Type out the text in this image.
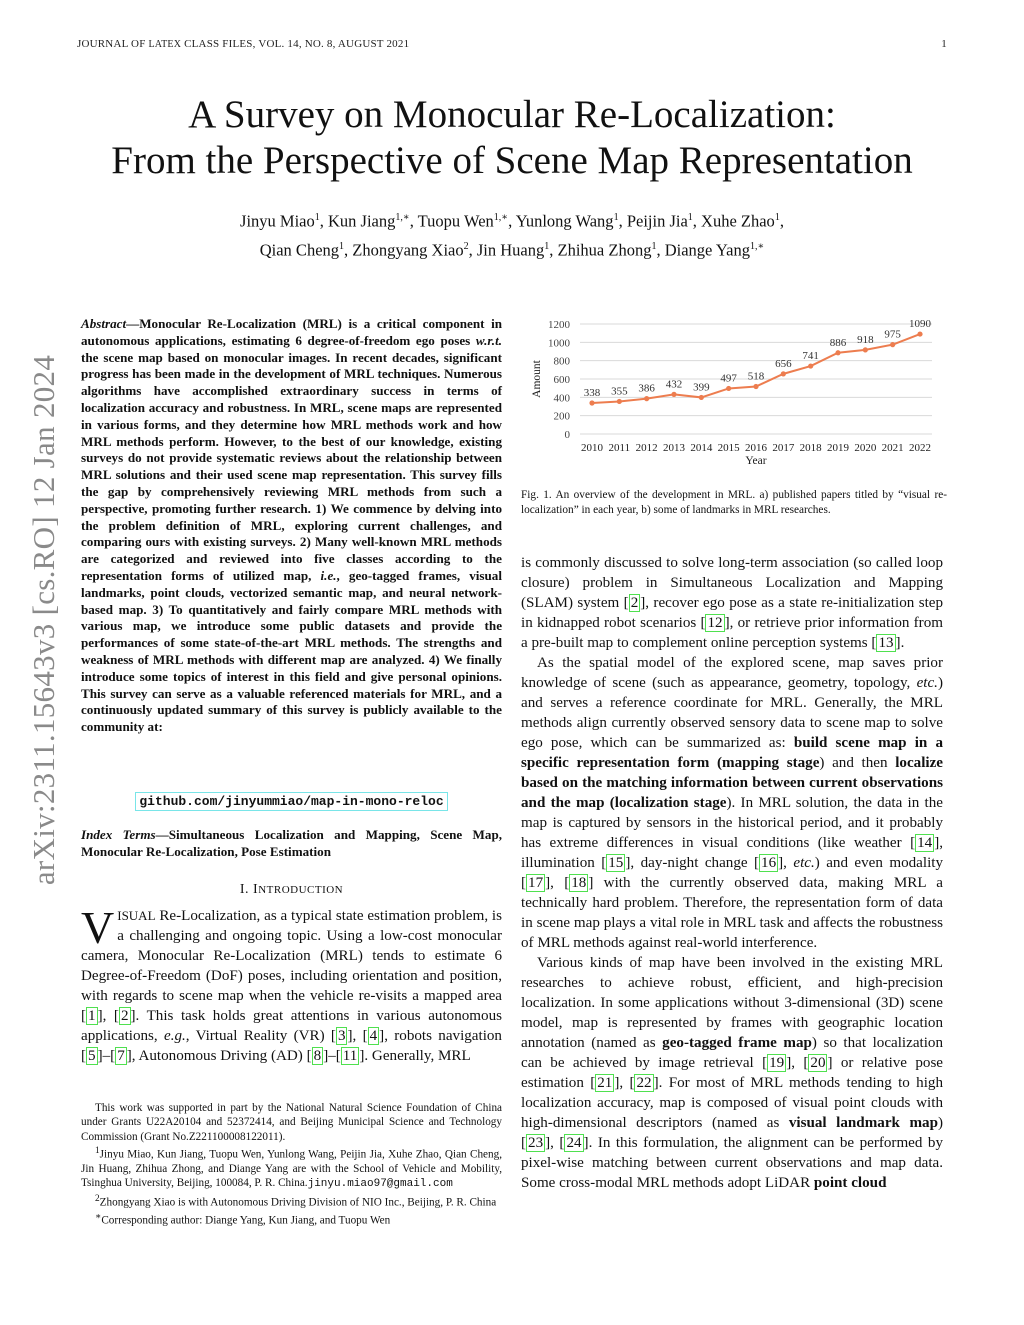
JOURNAL OF LATEX CLASS FILES, VOL. 14, NO. 8, AUGUST 2021	1
A Survey on Monocular Re-Localization:
From the Perspective of Scene Map Representation
Jinyu Miao$^1$, Kun Jiang$^{1,∗}$, Tuopu Wen$^{1,∗}$, Yunlong Wang$^1$, Peijin Jia$^1$, Xuhe Zhao$^1$,
Qian Cheng$^1$, Zhongyang Xiao$^2$, Jin Huang$^1$, Zhihua Zhong$^1$, Diange Yang$^{1,∗}$
arXiv:2311.15643v3 [cs.RO] 12 Jan 2024
Abstract—Monocular Re-Localization (MRL) is a critical component in autonomous applications, estimating 6 degree-of-freedom ego poses w.r.t. the scene map based on monocular images. In recent decades, significant progress has been made in the development of MRL techniques. Numerous algorithms have accomplished extraordinary success in terms of localization accuracy and robustness. In MRL, scene maps are represented in various forms, and they determine how MRL methods work and how MRL methods perform. However, to the best of our knowledge, existing surveys do not provide systematic reviews about the relationship between MRL solutions and their used scene map representation. This survey fills the gap by comprehensively reviewing MRL methods from such a perspective, promoting further research. 1) We commence by delving into the problem definition of MRL, exploring current challenges, and comparing ours with existing surveys. 2) Many well-known MRL methods are categorized and reviewed into five classes according to the representation forms of utilized map, i.e., geo-tagged frames, visual landmarks, point clouds, vectorized semantic map, and neural network-based map. 3) To quantitatively and fairly compare MRL methods with various map, we introduce some public datasets and provide the performances of some state-of-the-art MRL methods. The strengths and weakness of MRL methods with different map are analyzed. 4) We finally introduce some topics of interest in this field and give personal opinions. This survey can serve as a valuable referenced materials for MRL, and a continuously updated summary of this survey is publicly available to the community at:
github.com/jinyummiao/map-in-mono-reloc
Index Terms—Simultaneous Localization and Mapping, Scene Map, Monocular Re-Localization, Pose Estimation
I. INTRODUCTION
VISUAL Re-Localization, as a typical state estimation problem, is a challenging and ongoing topic. Using a low-cost monocular camera, Monocular Re-Localization (MRL) tends to estimate 6 Degree-of-Freedom (DoF) poses, including orientation and position, with regards to scene map when the vehicle re-visits a mapped area [ 1 ], [ 2 ]. This task holds great attentions in various autonomous applications, e.g., Virtual Reality (VR) [ 3 ], [ 4 ], robots navigation [ 5 ]–[ 7 ], Autonomous Driving (AD) [ 8 ]–[ 11 ]. Generally, MRL

This work was supported in part by the National Natural Science Foundation of China under Grants U22A20104 and 52372414, and Beijing Municipal Science and Technology Commission (Grant No.Z221100008122011).

$^1$Jinyu Miao, Kun Jiang, Tuopu Wen, Yunlong Wang, Peijin Jia, Xuhe Zhao, Qian Cheng, Jin Huang, Zhihua Zhong, and Diange Yang are with the School of Vehicle and Mobility, Tsinghua University, Beijing, 100084, P. R. China.jinyu.miao97@gmail.com

$^2$Zhongyang Xiao is with Autonomous Driving Division of NIO Inc., Beijing, P. R. China

∗Corresponding author: Diange Yang, Kun Jiang, and Tuopu Wen

0
200
400
600
800
1000
1200
2010 2011 2012 2013 2014 2015 2016 2017 2018 2019 2020 2021 2022
Year
Amount	338 355 386 432 399
497 518
656
741
886 918 975
1090
Fig. 1. An overview of the development in MRL. a) published papers titled by “visual re-localization” in each year, b) some of landmarks in MRL researches.

is commonly discussed to solve long-term association (so called loop closure) problem in Simultaneous Localization and Mapping (SLAM) system [ 2 ], recover ego pose as a state re-initialization step in kidnapped robot scenarios [ 12 ], or retrieve prior information from a pre-built map to complement online perception systems [ 13 ].

As the spatial model of the explored scene, map saves prior knowledge of scene (such as appearance, geometry, topology, etc.) and serves a reference coordinate for MRL. Generally, the MRL methods align currently observed sensory data to scene map to solve ego pose, which can be summarized as: build scene map in a specific representation form (mapping stage) and then localize based on the matching information between current observations and the map (localization stage). In MRL solution, the data in the map is captured by sensors in the historical period, and it probably has extreme differences in visual conditions (like weather [ 14 ], illumination [ 15 ], day-night change [ 16 ], etc.) and even modality [ 17 ], [ 18 ] with the currently observed data, making MRL a technically hard problem. Therefore, the representation form of data in scene map plays a vital role in MRL task and affects the robustness of MRL methods against real-world interference.

Various kinds of map have been involved in the existing MRL researches to achieve robust, efficient, and high-precision localization. In some applications without 3-dimensional (3D) scene model, map is represented by frames with geographic location annotation (named as geo-tagged frame map) so that localization can be achieved by image retrieval [ 19 ], [ 20 ] or relative pose estimation [ 21 ], [ 22 ]. For most of MRL methods tending to high localization accuracy, map is composed of visual point clouds with high-dimensional descriptors (named as visual landmark map) [ 23 ], [ 24 ]. In this formulation, the alignment can be performed by pixel-wise matching between current observations and map data. Some cross-modal MRL methods adopt LiDAR point cloud
